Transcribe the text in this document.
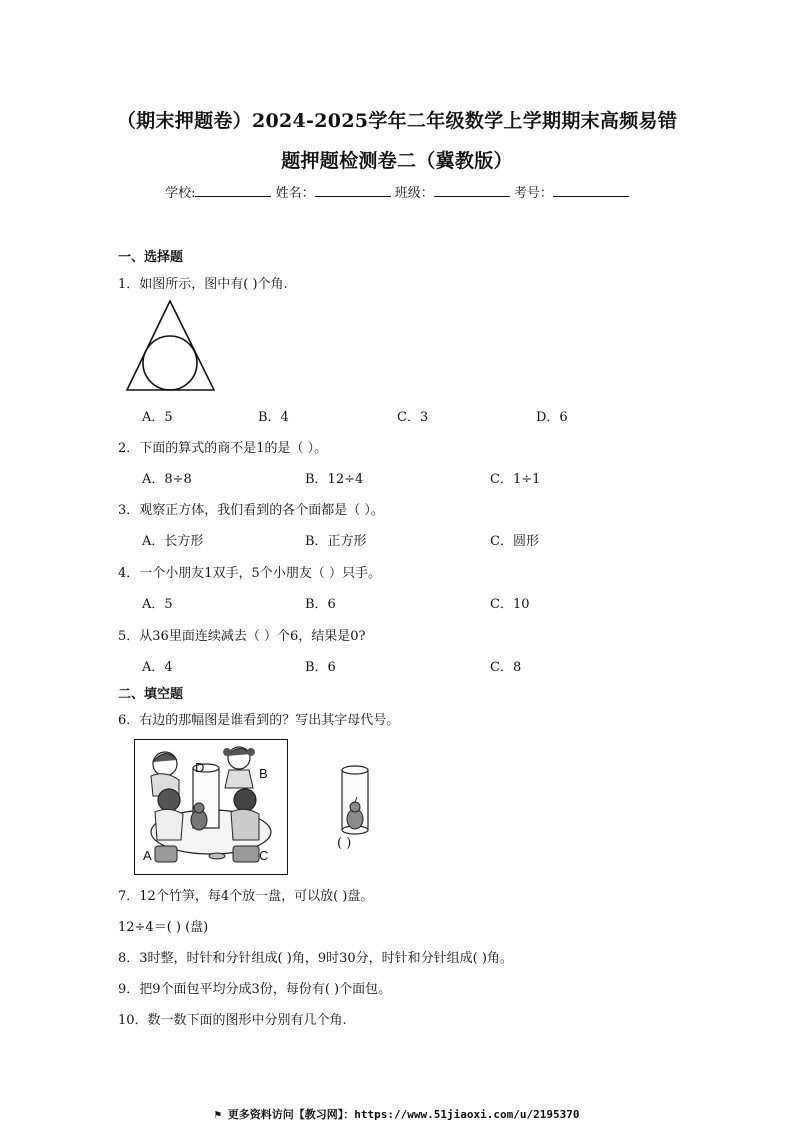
（期末押题卷）2024-2025学年二年级数学上学期期末高频易错
题押题检测卷二（冀教版）
学校:	姓名：	班级：	考号：
一、选择题
1．如图所示，图中有( )个角.
A．5	B．4	C．3	D．6
2．下面的算式的商不是1的是（ ）。
A．8÷8	B．12÷4	C．1÷1
3．观察正方体，我们看到的各个面都是（ ）。
A．长方形	B．正方形	C．圆形
4．一个小朋友1双手，5个小朋友（ ）只手。
A．5	B．6	C．10
5．从36里面连续减去（ ）个6，结果是0?
A．4	B．6	C．8
二、填空题
6．右边的那幅图是谁看到的？写出其字母代号。
D	B
A	C
( )
7．12个竹笋，每4个放一盘，可以放( )盘。
12÷4＝( ) (盘)
8．3时整，时针和分针组成( )角，9时30分，时针和分针组成( )角。
9．把9个面包平均分成3份，每份有( )个面包。
10．数一数下面的图形中分别有几个角.
⚑ 更多资料访问【教习网】：https://www.51jiaoxi.com/u/2195370
